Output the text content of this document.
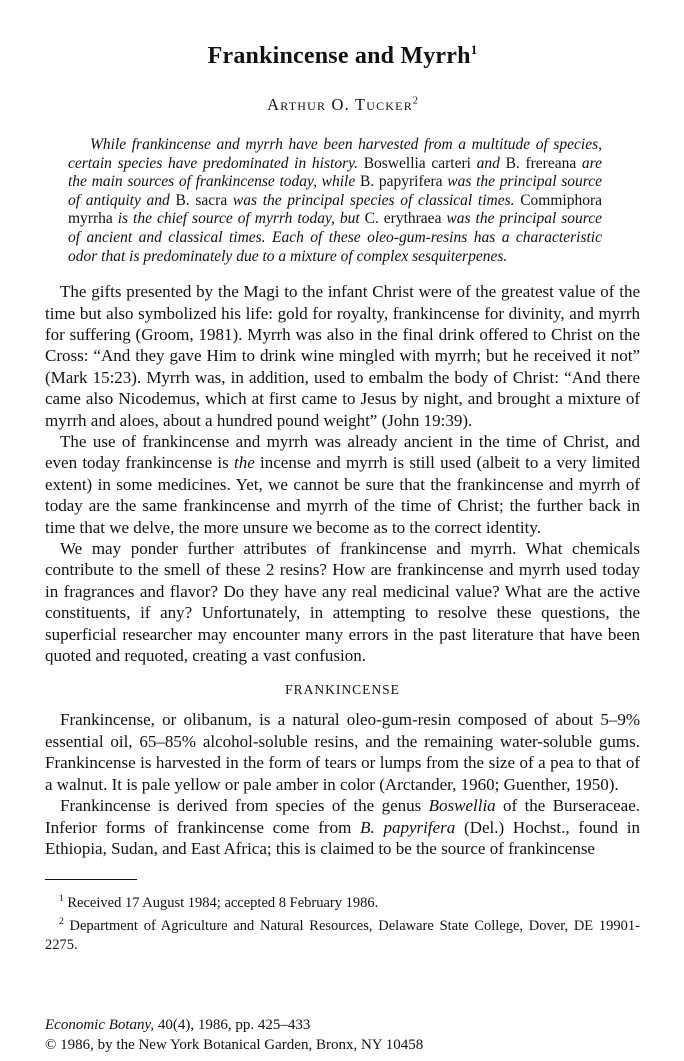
Frankincense and Myrrh$^1$
Arthur O. Tucker$^2$

While frankincense and myrrh have been harvested from a multitude of species, certain species have predominated in history. Boswellia carteri and B. frereana are the main sources of frankincense today, while B. papyrifera was the principal source of antiquity and B. sacra was the principal species of classical times. Commiphora myrrha is the chief source of myrrh today, but C. erythraea was the principal source of ancient and classical times. Each of these oleo-gum-resins has a characteristic odor that is predominately due to a mixture of complex sesquiterpenes.

The gifts presented by the Magi to the infant Christ were of the greatest value of the time but also symbolized his life: gold for royalty, frankincense for divinity, and myrrh for suffering (Groom, 1981). Myrrh was also in the final drink offered to Christ on the Cross: “And they gave Him to drink wine mingled with myrrh; but he received it not” (Mark 15:23). Myrrh was, in addition, used to embalm the body of Christ: “And there came also Nicodemus, which at first came to Jesus by night, and brought a mixture of myrrh and aloes, about a hundred pound weight” (John 19:39).

The use of frankincense and myrrh was already ancient in the time of Christ, and even today frankincense is the incense and myrrh is still used (albeit to a very limited extent) in some medicines. Yet, we cannot be sure that the frankincense and myrrh of today are the same frankincense and myrrh of the time of Christ; the further back in time that we delve, the more unsure we become as to the correct identity.

We may ponder further attributes of frankincense and myrrh. What chemicals contribute to the smell of these 2 resins? How are frankincense and myrrh used today in fragrances and flavor? Do they have any real medicinal value? What are the active constituents, if any? Unfortunately, in attempting to resolve these questions, the superficial researcher may encounter many errors in the past literature that have been quoted and requoted, creating a vast confusion.

FRANKINCENSE

Frankincense, or olibanum, is a natural oleo-gum-resin composed of about 5–9% essential oil, 65–85% alcohol-soluble resins, and the remaining water-soluble gums. Frankincense is harvested in the form of tears or lumps from the size of a pea to that of a walnut. It is pale yellow or pale amber in color (Arctander, 1960; Guenther, 1950).

Frankincense is derived from species of the genus Boswellia of the Burseraceae. Inferior forms of frankincense come from B. papyrifera (Del.) Hochst., found in Ethiopia, Sudan, and East Africa; this is claimed to be the source of frankincense

$^1$ Received 17 August 1984; accepted 8 February 1986.

$^2$ Department of Agriculture and Natural Resources, Delaware State College, Dover, DE 19901-2275.

Economic Botany, 40(4), 1986, pp. 425–433

© 1986, by the New York Botanical Garden, Bronx, NY 10458
